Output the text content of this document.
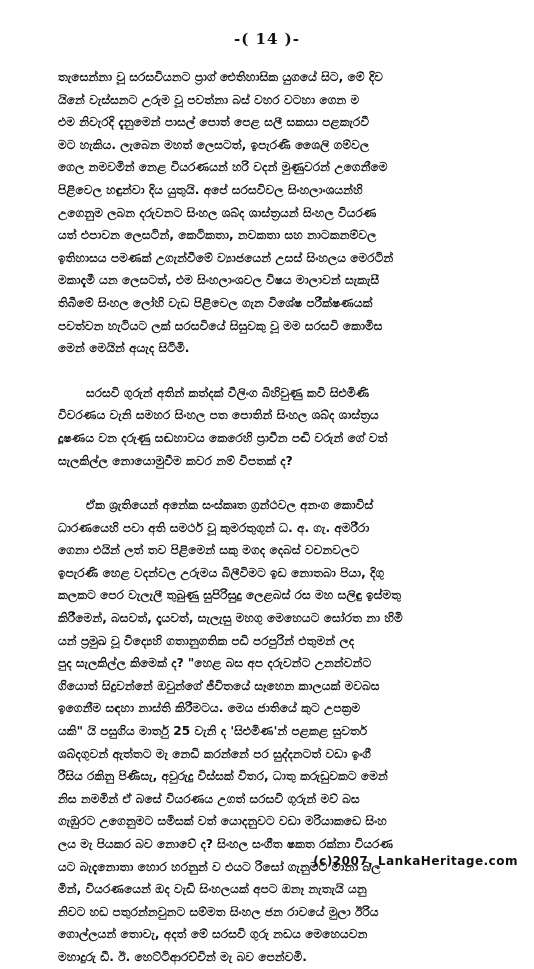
-( 14 )-

තැසෙන්නා වූ සරසවියනට ප්‍රාග් ඓතිහාසික යුගයේ සිට, මේ දිව
යිනේ වැස්සනට උරුම වූ පවත්නා බස් වහර වටහා ගෙන ම
එම නිවැරදි දැනුමෙන් පාසල් පොත් පෙළ සලී සකසා පළකැරවී
මට හැකිය. ලැබෙන මහත් ලෙසටත්, ඉපැරණි ශෛලි ගම්වල
ගෙල නමවමින් නෙළ වියරණයන් හරි වදන් මුණුවරන් උගෙනීමෙ
පිළිවෙල හඳුන්වා දිය යුතුයි. අපේ සරසවිවල සිංහලාංශයන්හි
උගෙනුම ලබන දරුවනට සිංහල ශබ්ද ශාස්ත්‍රයන් සිංහල වියරණ
යත් එපාවන ලෙසටින්, කෙටිකතා, නවකතා සහ නාටකනම්වල
ඉතිහාසය පමණක් උගැන්වීමේ ව්‍යාජයෙන් උසස් සිංහලය මෙරටින්
මකාදැමී යන ලෙසටත්, එම සිංහලාංශවල විෂය මාලාවන් සැකැසී
තිබීමේ සිංහල ලෝහි වැඩ පිළිවෙල ගැන විශේෂ පරීක්ෂණයක්
පවත්වන හැටියට ලක් සරසවියේ සිසුවකු වූ මම සරසවි කොමිස
මෙන් මෙයින් අයැද සිටිමි.

සරසවි ගුරුන් අතින් කත්දක් වීලිංග බිහිවුණු කවි සිළුමිණි
විවරණය වැනි සමහර සිංහල පත පොතින් සිංහල ශබ්ද ශාස්ත්‍රය
දූෂණය වන දරුණු සඬහාවය කෙරෙහි ප්‍රාචීන පඬි වරුන් ගේ වත්
සැලකිල්ල නොයොමුවීම කවර නම් විපතක් ද?

ඒක ශ්‍රැතියෙන් අනේක සංස්කෘත ග්‍රන්ථවල අනංග කොවිස්
ධාරණයෙහි පවා අති සමර්ථ වූ කුමරතුගුන් ධ. අ. ගැ. අමරීරා
ගෙනා එයින් ලත් තව පිළිමෙන් සකු මගද දෙබස් වචනවලට
ඉපැරණි හෙළ වදන්වල උරුමය බිලීවිමට ඉඩ නොතබා පියා, දිගු
කලකට පෙර වැලැලී තුබුණු සුපිරිසුදු ලෙළබස් රස මහ සලිඳු ඉස්මතු
කිරීමෙන්, බසවත්, දෑයවත්, සැලැසු මහගු මෙහෙයට සෝරත නා හිමි
යන් ප්‍රමුඛ වූ විද්‍යෙහි ගතානුගතික පඩි පරපුරින් එතුමන් ලද
පුද සැලකිල්ල කිමෙක් ද? "හෙළ බස අප දරුවන්ට උනන්වන්ට
ගියොත් සිදුවන්නේ ඔවුන්ගේ ජීවිතයේ සෑහෙන කාලයක් මවබස
ඉගෙනීම සඳහා නාස්ති කිරීමටය. මෙය ජාතියේ කුට උපක්‍රම
යකි" යි පසුගිය මාර්තු 25 වැනි ද 'සිළුමිණ'න් පළකළ සුවර්ත
ශබ්දගුවන් ඇත්තට මැ නෙඩි කරන්නේ පර සුද්දනටත් වඩා ඉංගී
රීසිය රකිනු පිණිසැ, අවුරුදු විස්සක් විතර, ධාතු කරුඩුවකට මෙන්
නිස නමමින් ඒ බසේ වියරණය උගත් සරසවි ගුරුන් මව් බස
ගැඹුරට උගෙනුමට සමිසක් වත් යොදනුවට වඩා මරියාකඩෙ සිංහ
ලය මැ පියකර බව නොවේ ද? සිංහල සංගීත ෂකත රක්නා වියරණ
යට බැදැනොතා හොර හරනුන් ව එයට රිසෝ ගැනුමට මානා බල
මින්, වියරණයෙන් ඔද වැඩි සිංහලයක් අපට ඔනෑ නැතැයි යනු
නිවට හඩ පතුරන්නවුනට සම්මත සිංහල ජන රාවයේ මුලා ඊරිය
ගොල්ලයන් තොවැ, අදත් මේ සරසවි ගුරු නඩය මෙහෙයවන
මහාදුරු ඩී. ඊ. හෙට්ටිආරච්චින් මැ බව පෙන්වමි.

(c)2007, LankaHeritage.com
